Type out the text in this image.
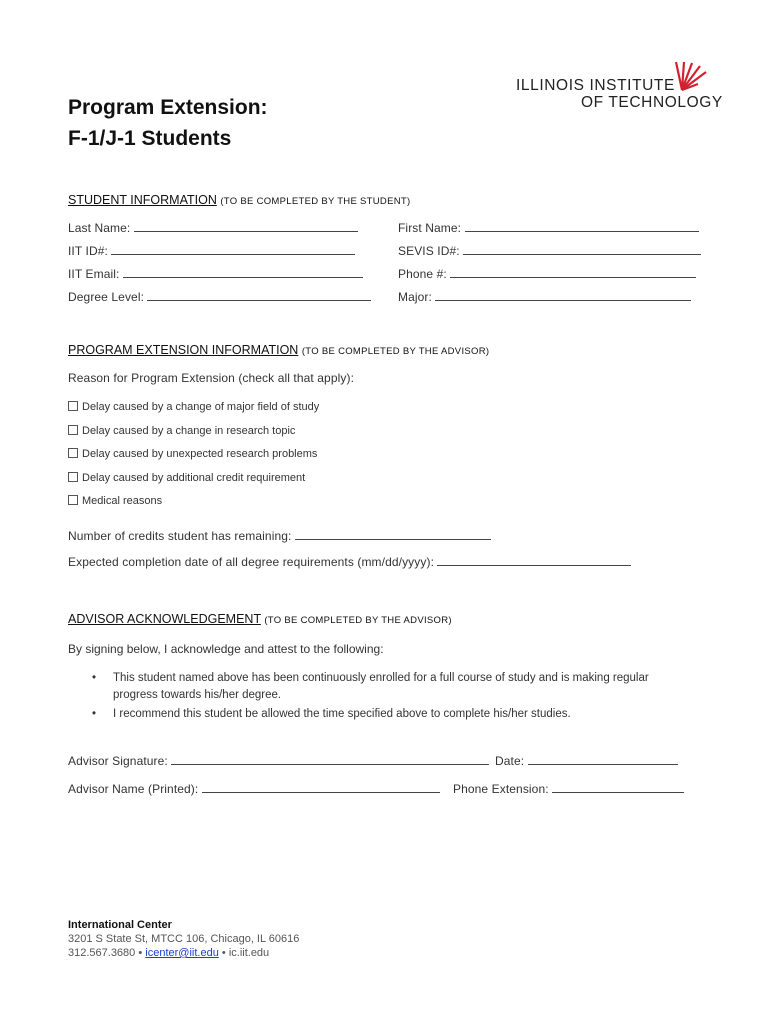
ILLINOIS INSTITUTE
OF TECHNOLOGY
Program Extension:
F-1/J-1 Students
STUDENT INFORMATION (TO BE COMPLETED BY THE STUDENT)
Last Name:	First Name:
IIT ID#:	SEVIS ID#:
IIT Email:	Phone #:
Degree Level:	Major:
PROGRAM EXTENSION INFORMATION (TO BE COMPLETED BY THE ADVISOR)
Reason for Program Extension (check all that apply):
Delay caused by a change of major field of study
Delay caused by a change in research topic
Delay caused by unexpected research problems
Delay caused by additional credit requirement
Medical reasons
Number of credits student has remaining:
Expected completion date of all degree requirements (mm/dd/yyyy):
ADVISOR ACKNOWLEDGEMENT (TO BE COMPLETED BY THE ADVISOR)
By signing below, I acknowledge and attest to the following:
• This student named above has been continuously enrolled for a full course of study and is making regular progress towards his/her degree.
• I recommend this student be allowed the time specified above to complete his/her studies.
Advisor Signature:	Date:
Advisor Name (Printed):	Phone Extension:
International Center
3201 S State St, MTCC 106, Chicago, IL 60616
312.567.3680 • icenter@iit.edu • ic.iit.edu
